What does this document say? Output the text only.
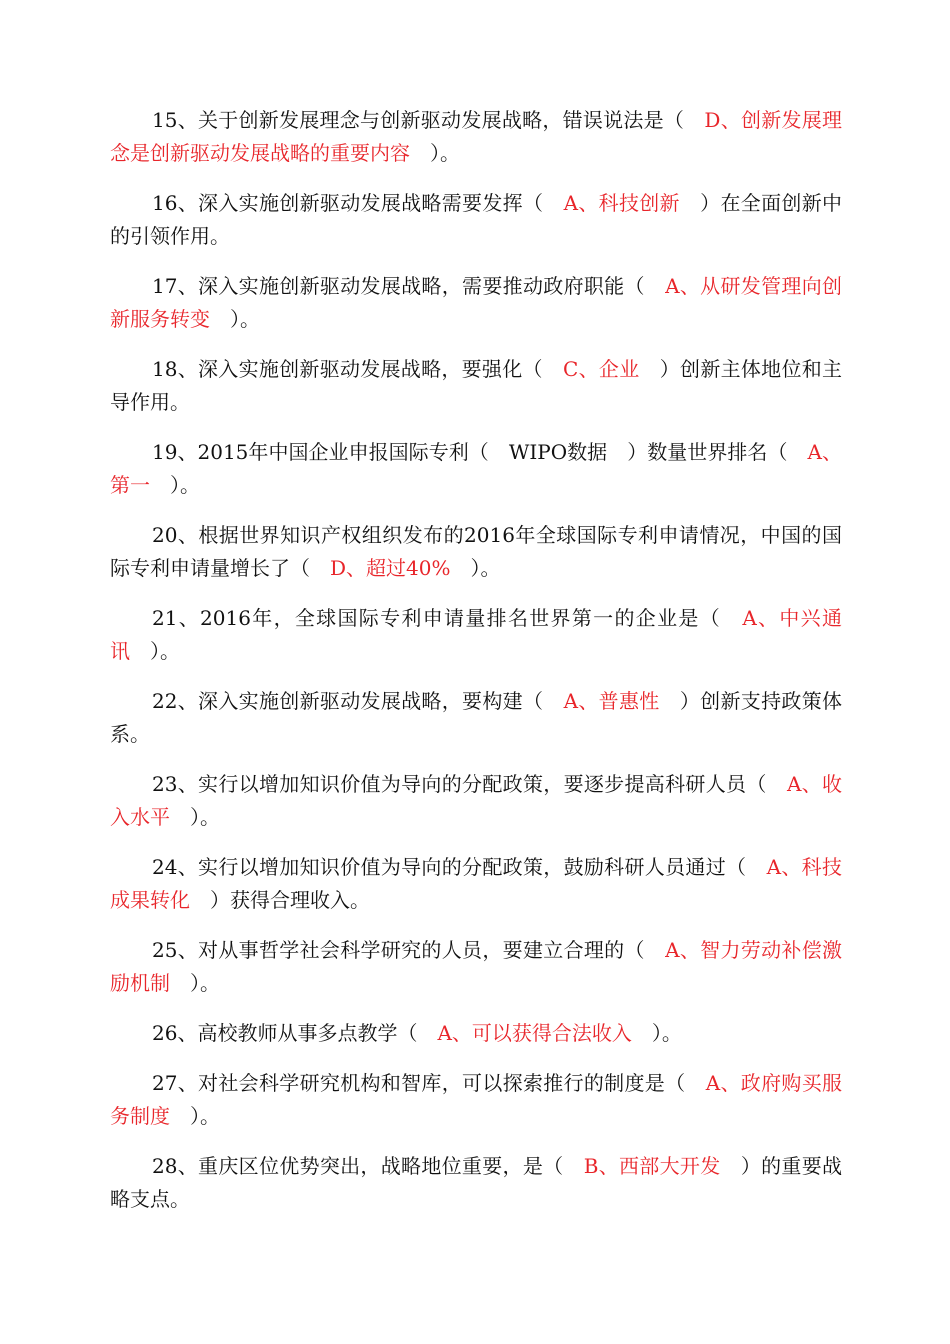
15、关于创新发展理念与创新驱动发展战略，错误说法是（　D、创新发展理念是创新驱动发展战略的重要内容　）。

16、深入实施创新驱动发展战略需要发挥（　A、科技创新　）在全面创新中的引领作用。

17、深入实施创新驱动发展战略，需要推动政府职能（　A、从研发管理向创新服务转变　）。

18、深入实施创新驱动发展战略，要强化（　C、企业　）创新主体地位和主导作用。

19、2015年中国企业申报国际专利（　WIPO数据　）数量世界排名（　A、第一　）。

20、根据世界知识产权组织发布的2016年全球国际专利申请情况，中国的国际专利申请量增长了（　D、超过40%　）。

21、2016年，全球国际专利申请量排名世界第一的企业是（　A、中兴通讯　）。

22、深入实施创新驱动发展战略，要构建（　A、普惠性　）创新支持政策体系。

23、实行以增加知识价值为导向的分配政策，要逐步提高科研人员（　A、收入水平　）。

24、实行以增加知识价值为导向的分配政策，鼓励科研人员通过（　A、科技成果转化　）获得合理收入。

25、对从事哲学社会科学研究的人员，要建立合理的（　A、智力劳动补偿激励机制　）。

26、高校教师从事多点教学（　A、可以获得合法收入　）。

27、对社会科学研究机构和智库，可以探索推行的制度是（　A、政府购买服务制度　）。

28、重庆区位优势突出，战略地位重要，是（　B、西部大开发　）的重要战略支点。
